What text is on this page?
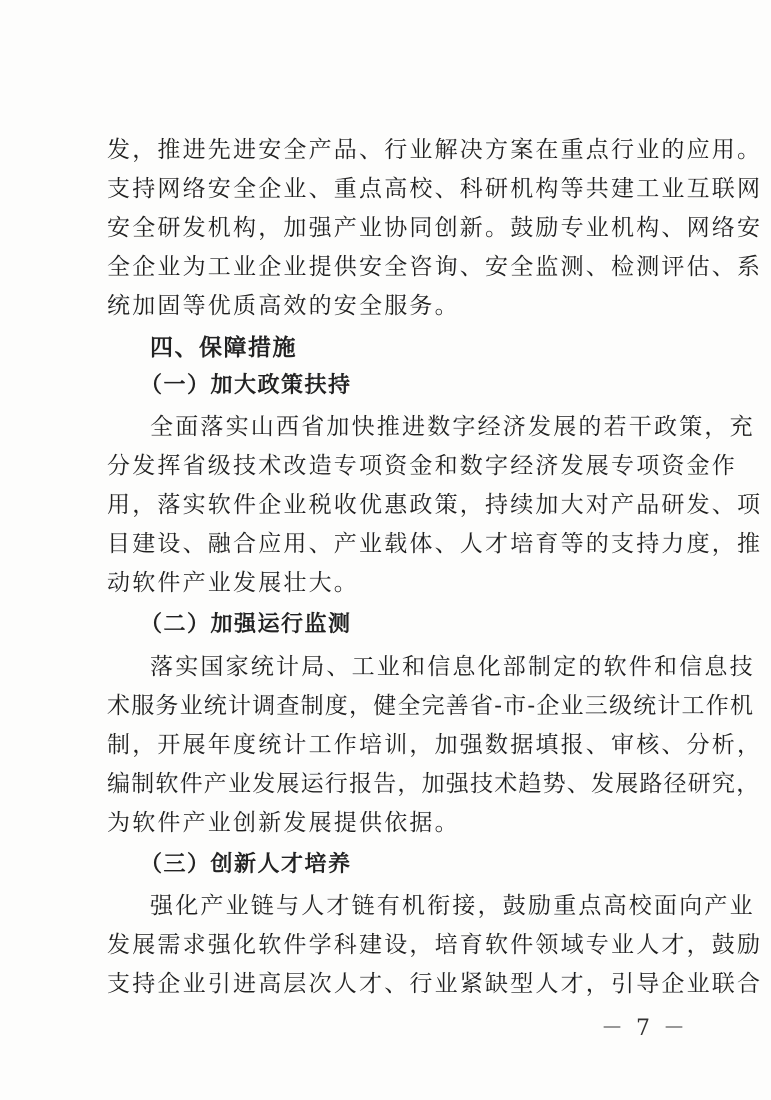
发，推进先进安全产品、行业解决方案在重点行业的应用。
支持网络安全企业、重点高校、科研机构等共建工业互联网
安全研发机构，加强产业协同创新。鼓励专业机构、网络安
全企业为工业企业提供安全咨询、安全监测、检测评估、系
统加固等优质高效的安全服务。
四、保障措施
（一）加大政策扶持
全面落实山西省加快推进数字经济发展的若干政策，充
分发挥省级技术改造专项资金和数字经济发展专项资金作
用，落实软件企业税收优惠政策，持续加大对产品研发、项
目建设、融合应用、产业载体、人才培育等的支持力度，推
动软件产业发展壮大。
（二）加强运行监测
落实国家统计局、工业和信息化部制定的软件和信息技
术服务业统计调查制度，健全完善省-市-企业三级统计工作机
制，开展年度统计工作培训，加强数据填报、审核、分析，
编制软件产业发展运行报告，加强技术趋势、发展路径研究，
为软件产业创新发展提供依据。
（三）创新人才培养
强化产业链与人才链有机衔接，鼓励重点高校面向产业
发展需求强化软件学科建设，培育软件领域专业人才，鼓励
支持企业引进高层次人才、行业紧缺型人才，引导企业联合
－ 7 －
